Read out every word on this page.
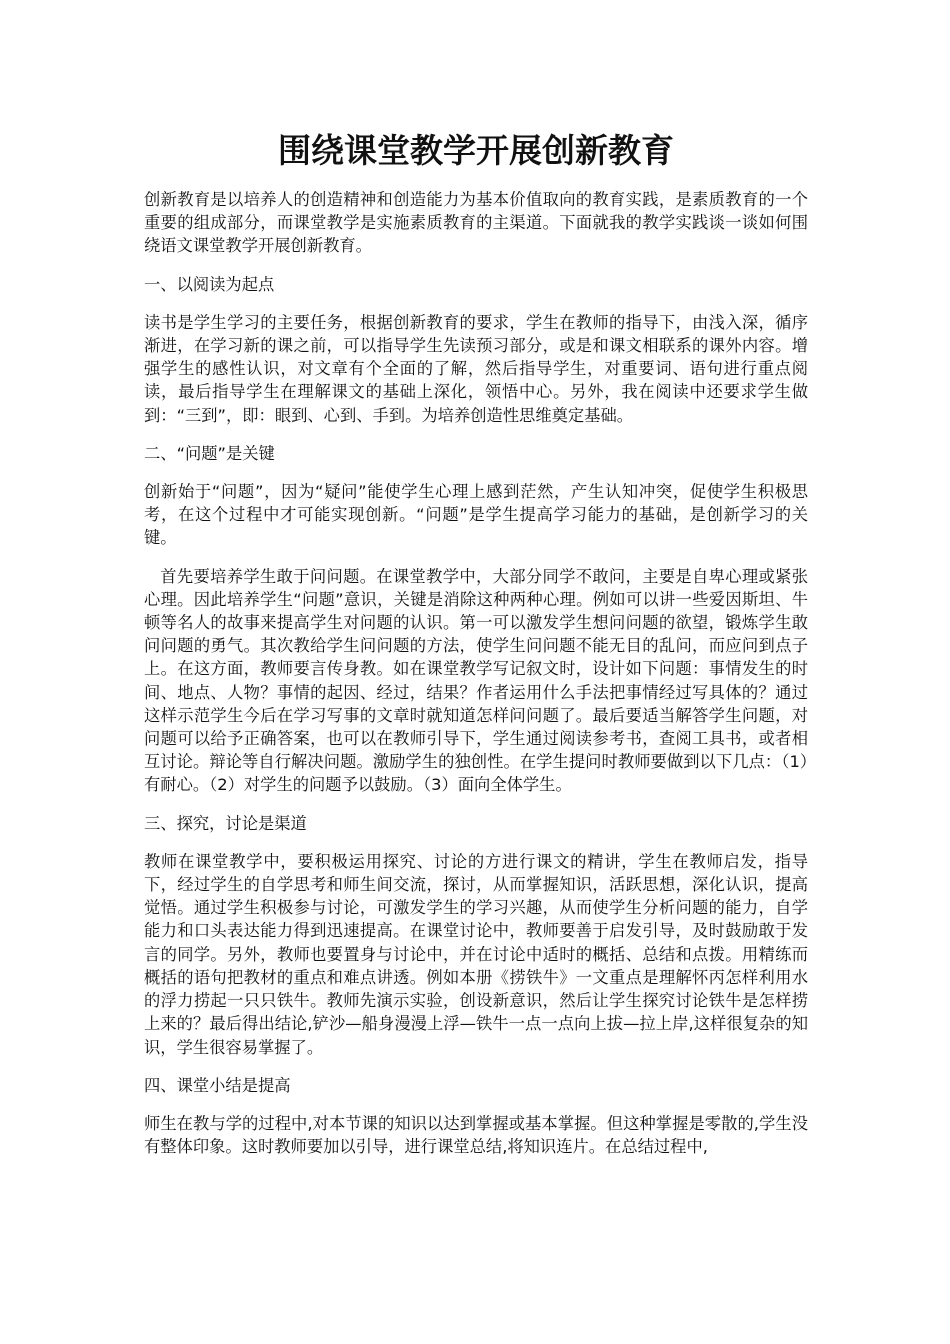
围绕课堂教学开展创新教育

创新教育是以培养人的创造精神和创造能力为基本价值取向的教育实践，是素质教育的一个重要的组成部分，而课堂教学是实施素质教育的主渠道。下面就我的教学实践谈一谈如何围绕语文课堂教学开展创新教育。

一、以阅读为起点

读书是学生学习的主要任务，根据创新教育的要求，学生在教师的指导下，由浅入深，循序渐进，在学习新的课之前，可以指导学生先读预习部分，或是和课文相联系的课外内容。增强学生的感性认识，对文章有个全面的了解，然后指导学生，对重要词、语句进行重点阅读，最后指导学生在理解课文的基础上深化，领悟中心。另外，我在阅读中还要求学生做到：“三到”，即：眼到、心到、手到。为培养创造性思维奠定基础。

二、“问题”是关键

创新始于“问题”，因为“疑问”能使学生心理上感到茫然，产生认知冲突，促使学生积极思考，在这个过程中才可能实现创新。“问题”是学生提高学习能力的基础，是创新学习的关键。

首先要培养学生敢于问问题。在课堂教学中，大部分同学不敢问，主要是自卑心理或紧张心理。因此培养学生“问题”意识，关键是消除这种两种心理。例如可以讲一些爱因斯坦、牛顿等名人的故事来提高学生对问题的认识。第一可以激发学生想问问题的欲望，锻炼学生敢问问题的勇气。其次教给学生问问题的方法，使学生问问题不能无目的乱问，而应问到点子上。在这方面，教师要言传身教。如在课堂教学写记叙文时，设计如下问题：事情发生的时间、地点、人物？事情的起因、经过，结果？作者运用什么手法把事情经过写具体的？通过这样示范学生今后在学习写事的文章时就知道怎样问问题了。最后要适当解答学生问题，对问题可以给予正确答案，也可以在教师引导下，学生通过阅读参考书，查阅工具书，或者相互讨论。辩论等自行解决问题。激励学生的独创性。在学生提问时教师要做到以下几点：（1）有耐心。（2）对学生的问题予以鼓励。（3）面向全体学生。

三、探究，讨论是渠道

教师在课堂教学中，要积极运用探究、讨论的方进行课文的精讲，学生在教师启发，指导下，经过学生的自学思考和师生间交流，探讨，从而掌握知识，活跃思想，深化认识，提高觉悟。通过学生积极参与讨论，可激发学生的学习兴趣，从而使学生分析问题的能力，自学能力和口头表达能力得到迅速提高。在课堂讨论中，教师要善于启发引导，及时鼓励敢于发言的同学。另外，教师也要置身与讨论中，并在讨论中适时的概括、总结和点拨。用精练而概括的语句把教材的重点和难点讲透。例如本册《捞铁牛》一文重点是理解怀丙怎样利用水的浮力捞起一只只铁牛。教师先演示实验，创设新意识，然后让学生探究讨论铁牛是怎样捞上来的？最后得出结论,铲沙—船身漫漫上浮—铁牛一点一点向上拔—拉上岸,这样很复杂的知识，学生很容易掌握了。

四、课堂小结是提高

师生在教与学的过程中,对本节课的知识以达到掌握或基本掌握。但这种掌握是零散的,学生没有整体印象。这时教师要加以引导，进行课堂总结,将知识连片。在总结过程中,
